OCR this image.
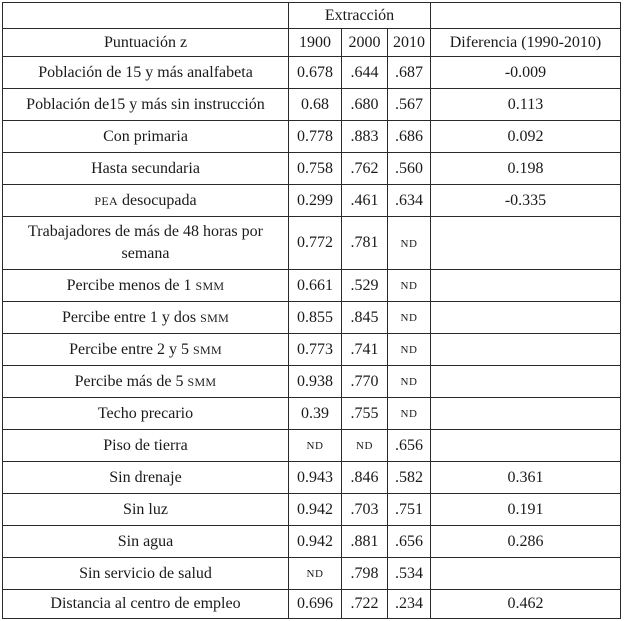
	Extracción			
Puntuación z	1900	2000	2010	Diferencia (1990-2010)
Población de 15 y más analfabeta	0.678	.644	.687	-0.009
Población de15 y más sin instrucción	0.68	.680	.567	0.113
Con primaria	0.778	.883	.686	0.092
Hasta secundaria	0.758	.762	.560	0.198
PEA desocupada	0.299	.461	.634	-0.335
Trabajadores de más de 48 horas por semana	0.772	.781	ND	
Percibe menos de 1 SMM	0.661	.529	ND	
Percibe entre 1 y dos SMM	0.855	.845	ND	
Percibe entre 2 y 5 SMM	0.773	.741	ND	
Percibe más de 5 SMM	0.938	.770	ND	
Techo precario	0.39	.755	ND	
Piso de tierra	ND	ND	.656	
Sin drenaje	0.943	.846	.582	0.361
Sin luz	0.942	.703	.751	0.191
Sin agua	0.942	.881	.656	0.286
Sin servicio de salud	ND	.798	.534	
Distancia al centro de empleo	0.696	.722	.234	0.462
